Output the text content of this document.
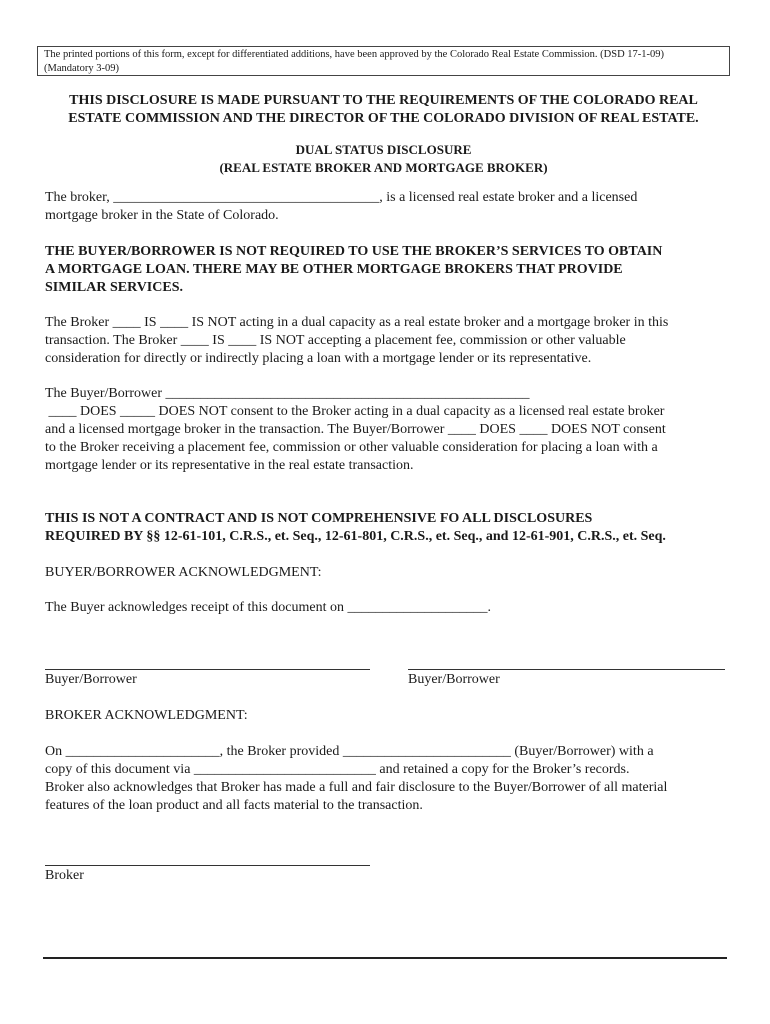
The printed portions of this form, except for differentiated additions, have been approved by the Colorado Real Estate Commission. (DSD 17-1-09)
(Mandatory 3-09)
THIS DISCLOSURE IS MADE PURSUANT TO THE REQUIREMENTS OF THE COLORADO REAL
ESTATE COMMISSION AND THE DIRECTOR OF THE COLORADO DIVISION OF REAL ESTATE.
DUAL STATUS DISCLOSURE
(REAL ESTATE BROKER AND MORTGAGE BROKER)
The broker, ______________________________________, is a licensed real estate broker and a licensed
mortgage broker in the State of Colorado.
THE BUYER/BORROWER IS NOT REQUIRED TO USE THE BROKER’S SERVICES TO OBTAIN
A MORTGAGE LOAN. THERE MAY BE OTHER MORTGAGE BROKERS THAT PROVIDE
SIMILAR SERVICES.
The Broker ____ IS ____ IS NOT acting in a dual capacity as a real estate broker and a mortgage broker in this
transaction. The Broker ____ IS ____ IS NOT accepting a placement fee, commission or other valuable
consideration for directly or indirectly placing a loan with a mortgage lender or its representative.
The Buyer/Borrower ____________________________________________________
____ DOES _____ DOES NOT consent to the Broker acting in a dual capacity as a licensed real estate broker
and a licensed mortgage broker in the transaction. The Buyer/Borrower ____ DOES ____ DOES NOT consent
to the Broker receiving a placement fee, commission or other valuable consideration for placing a loan with a
mortgage lender or its representative in the real estate transaction.
THIS IS NOT A CONTRACT AND IS NOT COMPREHENSIVE FO ALL DISCLOSURES
REQUIRED BY §§ 12-61-101, C.R.S., et. Seq., 12-61-801, C.R.S., et. Seq., and 12-61-901, C.R.S., et. Seq.
BUYER/BORROWER ACKNOWLEDGMENT:
The Buyer acknowledges receipt of this document on ____________________.
Buyer/Borrower	Buyer/Borrower
BROKER ACKNOWLEDGMENT:
On ______________________, the Broker provided ________________________ (Buyer/Borrower) with a
copy of this document via __________________________ and retained a copy for the Broker’s records.
Broker also acknowledges that Broker has made a full and fair disclosure to the Buyer/Borrower of all material
features of the loan product and all facts material to the transaction.
Broker
